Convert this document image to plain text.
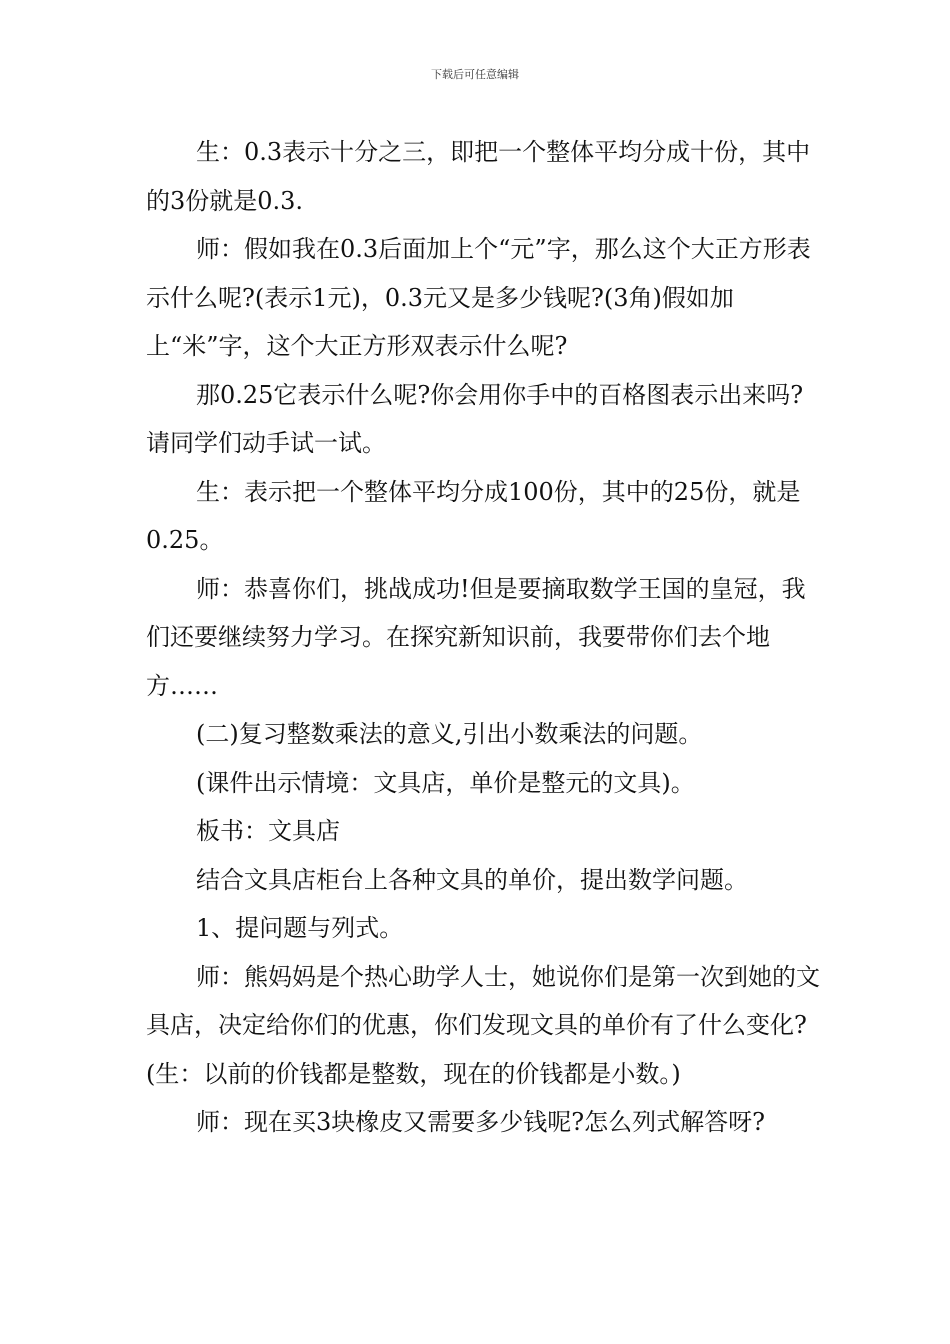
下载后可任意编辑

生：0.3表示十分之三，即把一个整体平均分成十份，其中的3份就是0.3.

师：假如我在0.3后面加上个“元”字，那么这个大正方形表示什么呢?(表示1元)，0.3元又是多少钱呢?(3角)假如加上“米”字，这个大正方形双表示什么呢?

那0.25它表示什么呢?你会用你手中的百格图表示出来吗?请同学们动手试一试。

生：表示把一个整体平均分成100份，其中的25份，就是0.25。

师：恭喜你们，挑战成功!但是要摘取数学王国的皇冠，我们还要继续努力学习。在探究新知识前，我要带你们去个地方……

(二)复习整数乘法的意义,引出小数乘法的问题。

(课件出示情境：文具店，单价是整元的文具)。

板书：文具店

结合文具店柜台上各种文具的单价，提出数学问题。

1、提问题与列式。

师：熊妈妈是个热心助学人士，她说你们是第一次到她的文具店，决定给你们的优惠，你们发现文具的单价有了什么变化?(生：以前的价钱都是整数，现在的价钱都是小数。)

师：现在买3块橡皮又需要多少钱呢?怎么列式解答呀?
